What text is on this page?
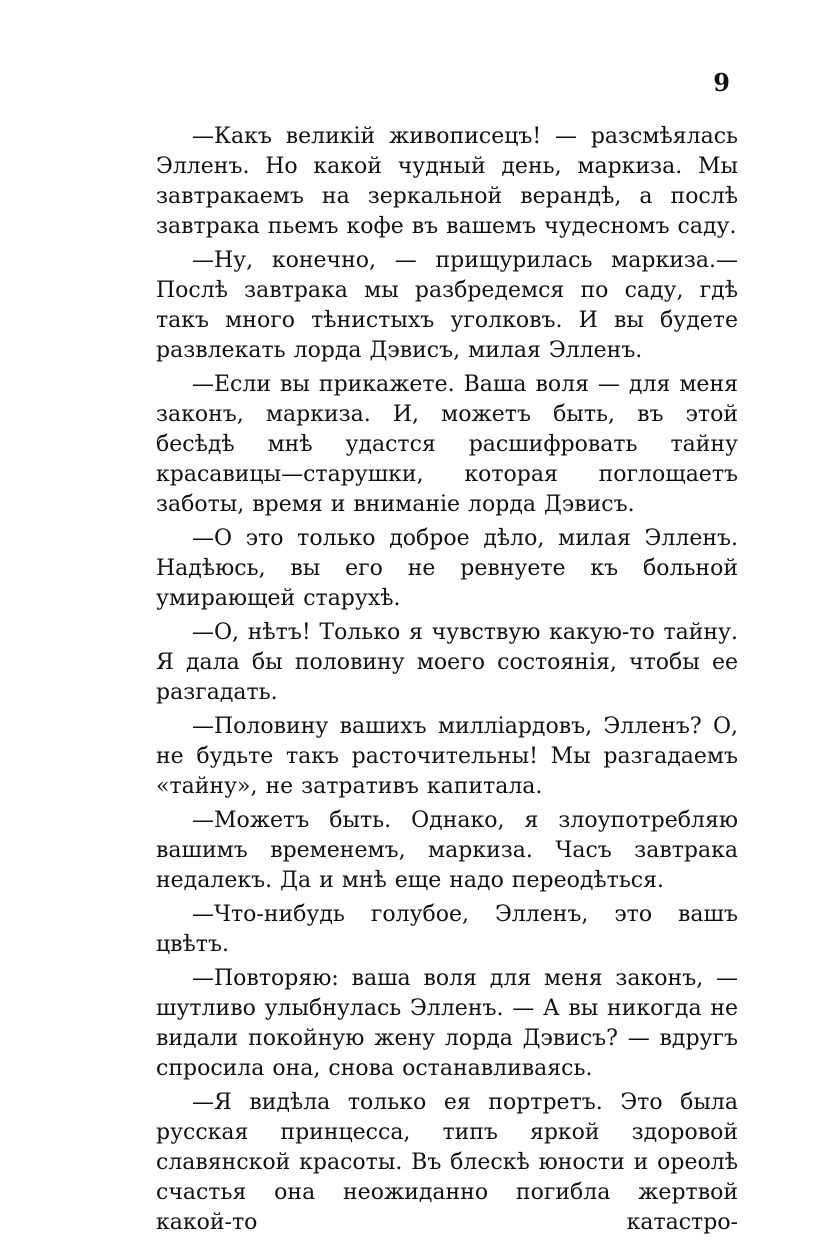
9

—Какъ великій живописецъ! — разсмѣялась Элленъ. Но какой чудный день, маркиза. Мы завтракаемъ на зеркальной верандѣ, а послѣ завтрака пьемъ кофе въ вашемъ чудесномъ саду.

—Ну, конечно, — прищурилась маркиза.—Послѣ завтрака мы разбредемся по саду, гдѣ такъ много тѣнистыхъ уголковъ. И вы будете развлекать лорда Дэвисъ, милая Элленъ.

—Если вы прикажете. Ваша воля — для меня законъ, маркиза. И, можетъ быть, въ этой бесѣдѣ мнѣ удастся расшифровать тайну красавицы—старушки, которая поглощаетъ заботы, время и вниманіе лорда Дэвисъ.

—О это только доброе дѣло, милая Элленъ. Надѣюсь, вы его не ревнуете къ больной умирающей старухѣ.

—О, нѣтъ! Только я чувствую какую-то тайну. Я дала бы половину моего состоянія, чтобы ее разгадать.

—Половину вашихъ милліардовъ, Элленъ? О, не будьте такъ расточительны! Мы разгадаемъ «тайну», не затративъ капитала.

—Можетъ быть. Однако, я злоупотребляю вашимъ временемъ, маркиза. Часъ завтрака недалекъ. Да и мнѣ еще надо переодѣться.

—Что-нибудь голубое, Элленъ, это вашъ цвѣтъ.

—Повторяю: ваша воля для меня законъ, — шутливо улыбнулась Элленъ. — А вы никогда не видали покойную жену лорда Дэвисъ? — вдругъ спросила она, снова останавливаясь.

—Я видѣла только ея портретъ. Это была русская принцесса, типъ яркой здоровой славянской красоты. Въ блескѣ юности и ореолѣ счастья она неожиданно погибла жертвой какой-то катастро-
